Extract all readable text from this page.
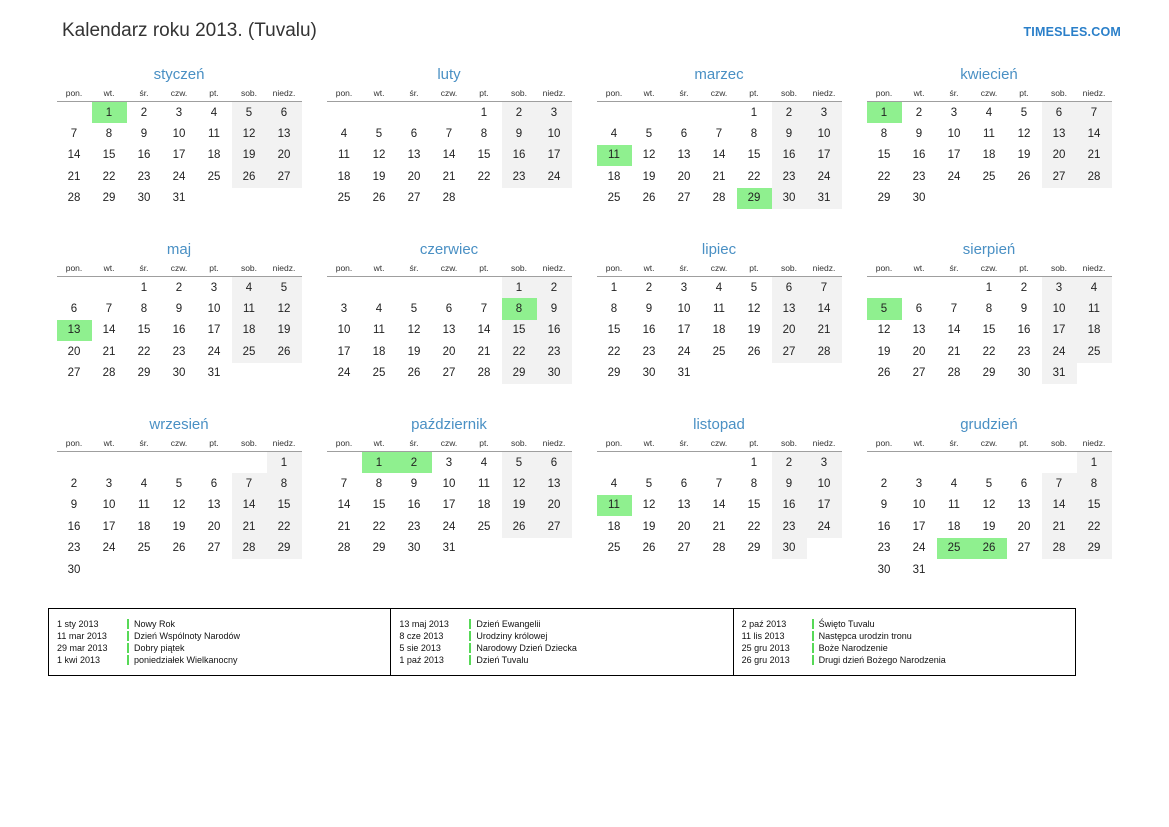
Kalendarz roku 2013. (Tuvalu)	TIMESLES.COM
styczeń
pon.	wt.	śr.	czw.	pt.	sob.	niedz.
	1	2	3	4	5	6
7	8	9	10	11	12	13
14	15	16	17	18	19	20
21	22	23	24	25	26	27
28	29	30	31			
luty
pon.	wt.	śr.	czw.	pt.	sob.	niedz.
				1	2	3
4	5	6	7	8	9	10
11	12	13	14	15	16	17
18	19	20	21	22	23	24
25	26	27	28			
marzec
pon.	wt.	śr.	czw.	pt.	sob.	niedz.
				1	2	3
4	5	6	7	8	9	10
11	12	13	14	15	16	17
18	19	20	21	22	23	24
25	26	27	28	29	30	31
kwiecień
pon.	wt.	śr.	czw.	pt.	sob.	niedz.
1	2	3	4	5	6	7
8	9	10	11	12	13	14
15	16	17	18	19	20	21
22	23	24	25	26	27	28
29	30					
maj
pon.	wt.	śr.	czw.	pt.	sob.	niedz.
		1	2	3	4	5
6	7	8	9	10	11	12
13	14	15	16	17	18	19
20	21	22	23	24	25	26
27	28	29	30	31		
czerwiec
pon.	wt.	śr.	czw.	pt.	sob.	niedz.
					1	2
3	4	5	6	7	8	9
10	11	12	13	14	15	16
17	18	19	20	21	22	23
24	25	26	27	28	29	30
lipiec
pon.	wt.	śr.	czw.	pt.	sob.	niedz.
1	2	3	4	5	6	7
8	9	10	11	12	13	14
15	16	17	18	19	20	21
22	23	24	25	26	27	28
29	30	31				
sierpień
pon.	wt.	śr.	czw.	pt.	sob.	niedz.
			1	2	3	4
5	6	7	8	9	10	11
12	13	14	15	16	17	18
19	20	21	22	23	24	25
26	27	28	29	30	31	
wrzesień
pon.	wt.	śr.	czw.	pt.	sob.	niedz.
						1
2	3	4	5	6	7	8
9	10	11	12	13	14	15
16	17	18	19	20	21	22
23	24	25	26	27	28	29
30						
październik
pon.	wt.	śr.	czw.	pt.	sob.	niedz.
	1	2	3	4	5	6
7	8	9	10	11	12	13
14	15	16	17	18	19	20
21	22	23	24	25	26	27
28	29	30	31			
listopad
pon.	wt.	śr.	czw.	pt.	sob.	niedz.
				1	2	3
4	5	6	7	8	9	10
11	12	13	14	15	16	17
18	19	20	21	22	23	24
25	26	27	28	29	30	
grudzień
pon.	wt.	śr.	czw.	pt.	sob.	niedz.
						1
2	3	4	5	6	7	8
9	10	11	12	13	14	15
16	17	18	19	20	21	22
23	24	25	26	27	28	29
30	31					
1 sty 2013	Nowy Rok
11 mar 2013	Dzień Wspólnoty Narodów
29 mar 2013	Dobry piątek
1 kwi 2013	poniedziałek Wielkanocny
13 maj 2013	Dzień Ewangelii
8 cze 2013	Urodziny królowej
5 sie 2013	Narodowy Dzień Dziecka
1 paź 2013	Dzień Tuvalu
2 paź 2013	Święto Tuvalu
11 lis 2013	Następca urodzin tronu
25 gru 2013	Boże Narodzenie
26 gru 2013	Drugi dzień Bożego Narodzenia
